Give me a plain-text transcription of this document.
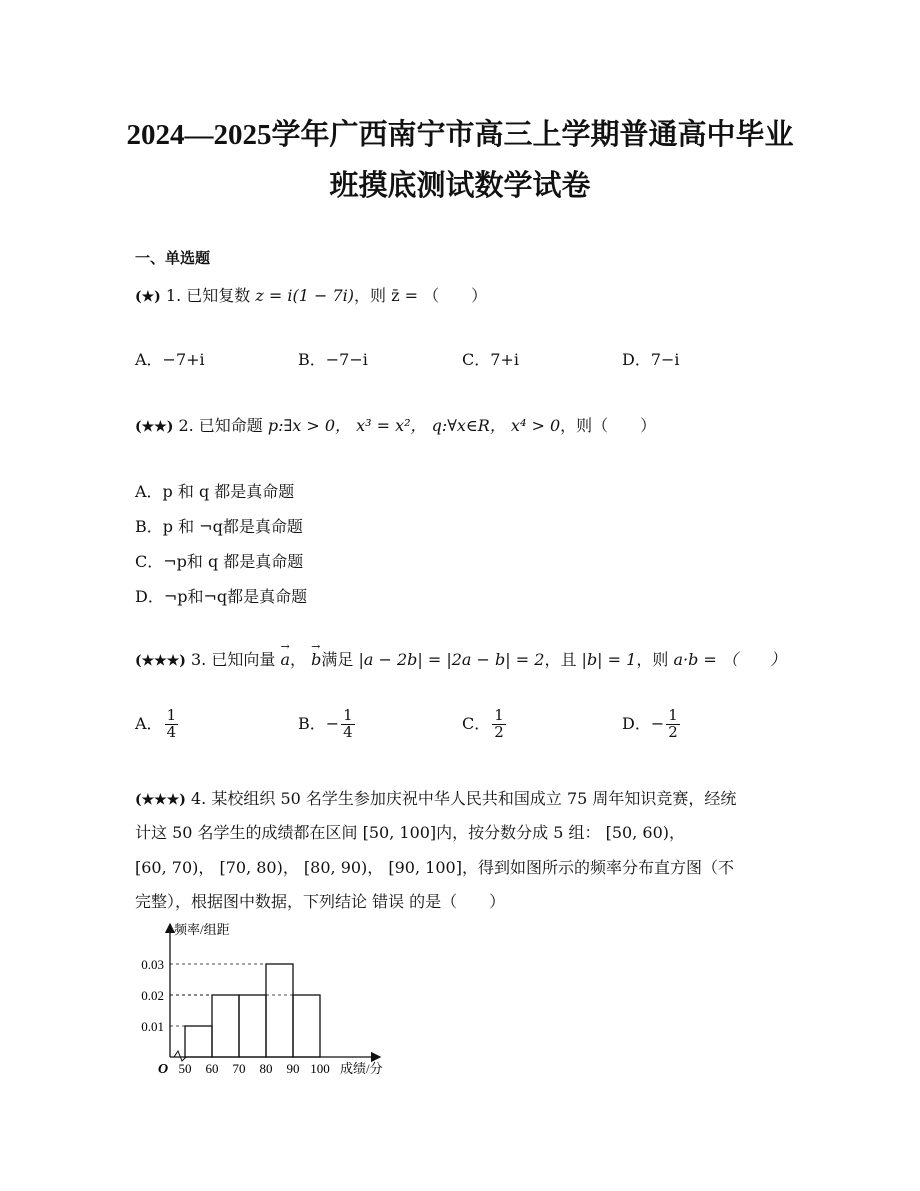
2024—2025学年广西南宁市高三上学期普通高中毕业
班摸底测试数学试卷
一、单选题
(★) 1. 已知复数 z = i(1 − 7i)，则 z̄ = （　　）
A．−7+i	B．−7−i	C．7+i	D．7−i
(★★) 2. 已知命题 p:∃x > 0， x³ = x²， q:∀x∈R， x⁴ > 0，则（　　）
A．p 和 q 都是真命题
B．p 和 ¬q都是真命题
C．¬p和 q 都是真命题
D．¬p和¬q都是真命题
(★★★) 3. 已知向量 → a， → b满足 |a − 2b| = |2a − b| = 2，且 |b| = 1，则 a·b = （　　）
A． $\frac{1}{4}$	B．− $\frac{1}{4}$	C． $\frac{1}{2}$	D．− $\frac{1}{2}$
(★★★) 4. 某校组织 50 名学生参加庆祝中华人民共和国成立 75 周年知识竞赛，经统
计这 50 名学生的成绩都在区间 [50, 100]内，按分数分成 5 组： [50, 60)，
[60, 70)， [70, 80)， [80, 90)， [90, 100]，得到如图所示的频率分布直方图（不
完整），根据图中数据，下列结论 错误 的是（　　）
0.01
0.02
0.03
50 60 70 80 90 100
O
频率/组距
成绩/分
